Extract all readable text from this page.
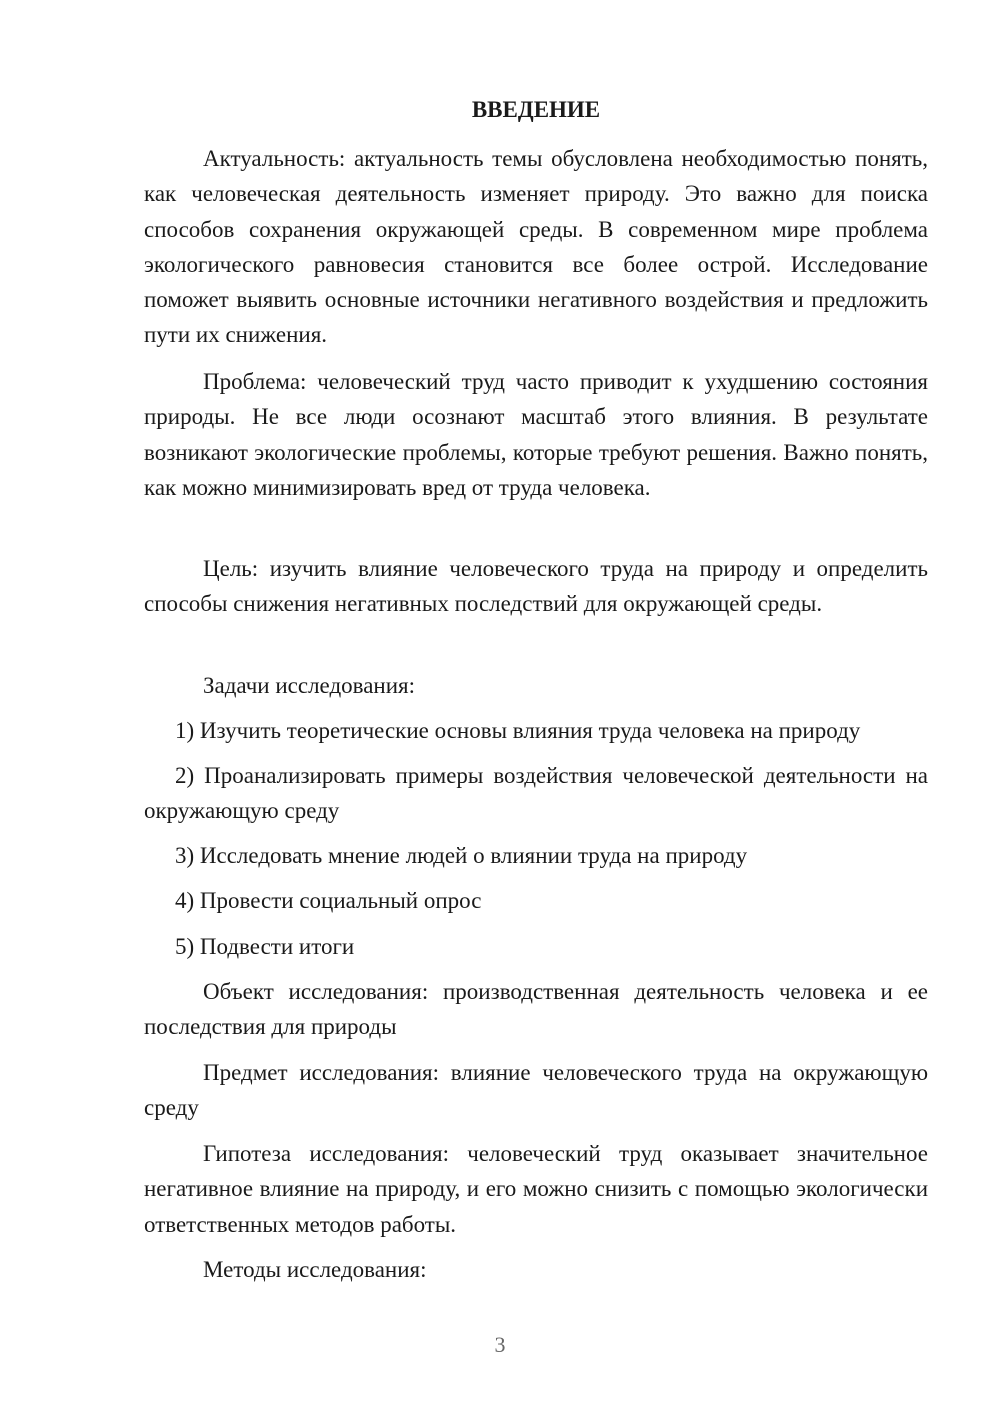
ВВЕДЕНИЕ

Актуальность: актуальность темы обусловлена необходимостью понять, как человеческая деятельность изменяет природу. Это важно для поиска способов сохранения окружающей среды. В современном мире проблема экологического равновесия становится все более острой. Исследование поможет выявить основные источники негативного воздействия и предложить пути их снижения.

Проблема: человеческий труд часто приводит к ухудшению состояния природы. Не все люди осознают масштаб этого влияния. В результате возникают экологические проблемы, которые требуют решения. Важно понять, как можно минимизировать вред от труда человека.

Цель: изучить влияние человеческого труда на природу и определить способы снижения негативных последствий для окружающей среды.

Задачи исследования:

1) Изучить теоретические основы влияния труда человека на природу

2) Проанализировать примеры воздействия человеческой деятельности на окружающую среду

3) Исследовать мнение людей о влиянии труда на природу

4) Провести социальный опрос

5) Подвести итоги

Объект исследования: производственная деятельность человека и ее последствия для природы

Предмет исследования: влияние человеческого труда на окружающую среду

Гипотеза исследования: человеческий труд оказывает значительное негативное влияние на природу, и его можно снизить с помощью экологически ответственных методов работы.

Методы исследования:

3
